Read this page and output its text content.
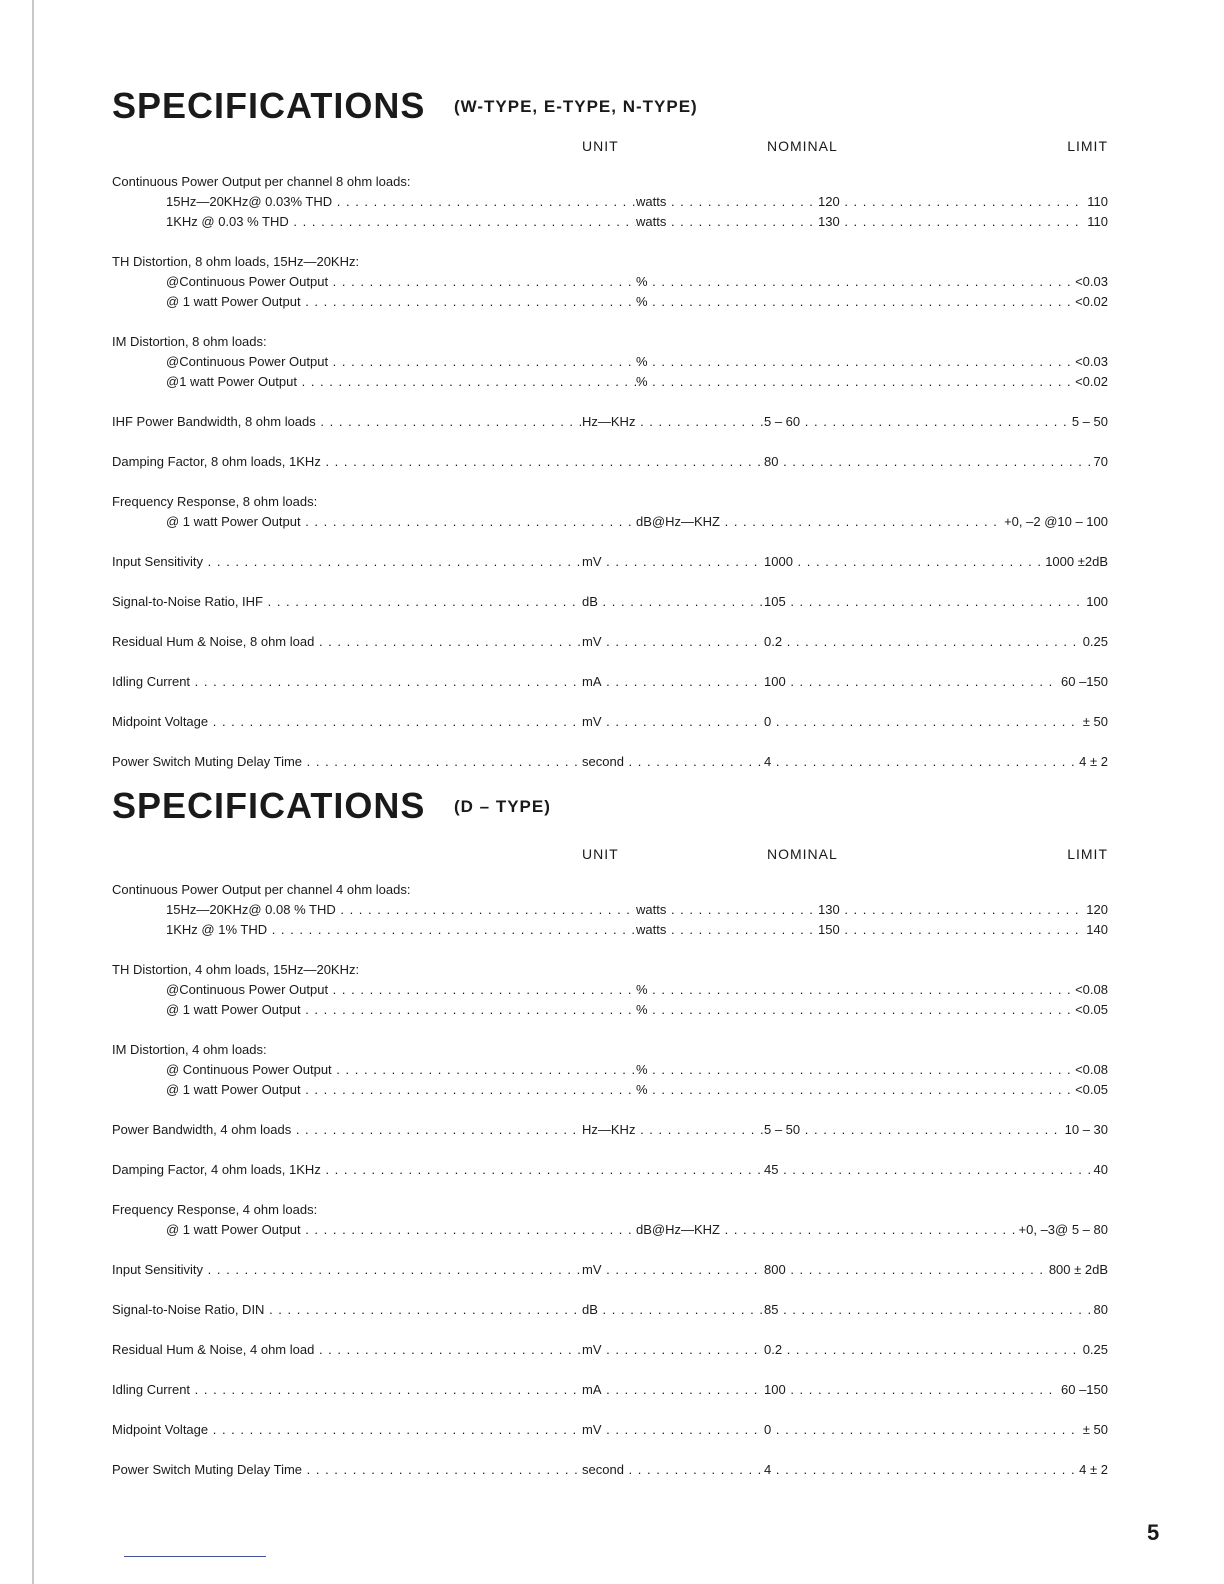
SPECIFICATIONS (W-TYPE, E-TYPE, N-TYPE)
UNIT	NOMINAL	LIMIT
Continuous Power Output per channel 8 ohm loads:
15Hz—20KHz@ 0.03% THD . . .	watts . . .	120 . . .	110
1KHz @ 0.03 % THD . . .	watts . . .	130 . . .	110
TH Distortion, 8 ohm loads, 15Hz—20KHz:
@Continuous Power Output . . .	% . . . . . .	<0.03
@ 1 watt Power Output . . .	% . . . . . .	<0.02
IM Distortion, 8 ohm loads:
@Continuous Power Output . . .	% . . . . . .	<0.03
@1 watt Power Output . . .	% . . . . . .	<0.02
IHF Power Bandwidth, 8 ohm loads . . .	Hz—KHz . . .	5 – 60 . . .	5 – 50
Damping Factor, 8 ohm loads, 1KHz . . . . . .	80 . . .	70
Frequency Response, 8 ohm loads:
@ 1 watt Power Output . . .	dB@Hz—KHZ . . . . . .	+0, –2 @10 – 100
Input Sensitivity . . .	mV . . .	1000 . . .	1000 ±2dB
Signal-to-Noise Ratio, IHF . . .	dB . . .	105 . . .	100
Residual Hum & Noise, 8 ohm load . . .	mV . . .	0.2 . . .	0.25
Idling Current . . .	mA . . .	100 . . .	60 –150
Midpoint Voltage . . .	mV . . .	0 . . .	± 50
Power Switch Muting Delay Time . . .	second . . .	4 . . .	4 ± 2
SPECIFICATIONS (D – TYPE)
UNIT	NOMINAL	LIMIT
Continuous Power Output per channel 4 ohm loads:
15Hz—20KHz@ 0.08 % THD . . .	watts . . .	130 . . .	120
1KHz @ 1% THD . . .	watts . . .	150 . . .	140
TH Distortion, 4 ohm loads, 15Hz—20KHz:
@Continuous Power Output . . .	% . . . . . .	<0.08
@ 1 watt Power Output . . .	% . . . . . .	<0.05
IM Distortion, 4 ohm loads:
@ Continuous Power Output . . .	% . . . . . .	<0.08
@ 1 watt Power Output . . .	% . . . . . .	<0.05
Power Bandwidth, 4 ohm loads . . .	Hz—KHz . . .	5 – 50 . . .	10 – 30
Damping Factor, 4 ohm loads, 1KHz . . . . . .	45 . . .	40
Frequency Response, 4 ohm loads:
@ 1 watt Power Output . . .	dB@Hz—KHZ . . . . . .	+0, –3@ 5 – 80
Input Sensitivity . . .	mV . . .	800 . . .	800 ± 2dB
Signal-to-Noise Ratio, DIN . . .	dB . . .	85 . . .	80
Residual Hum & Noise, 4 ohm load . . .	mV . . .	0.2 . . .	0.25
Idling Current . . .	mA . . .	100 . . .	60 –150
Midpoint Voltage . . .	mV . . .	0 . . .	± 50
Power Switch Muting Delay Time . . .	second . . .	4 . . .	4 ± 2
5
